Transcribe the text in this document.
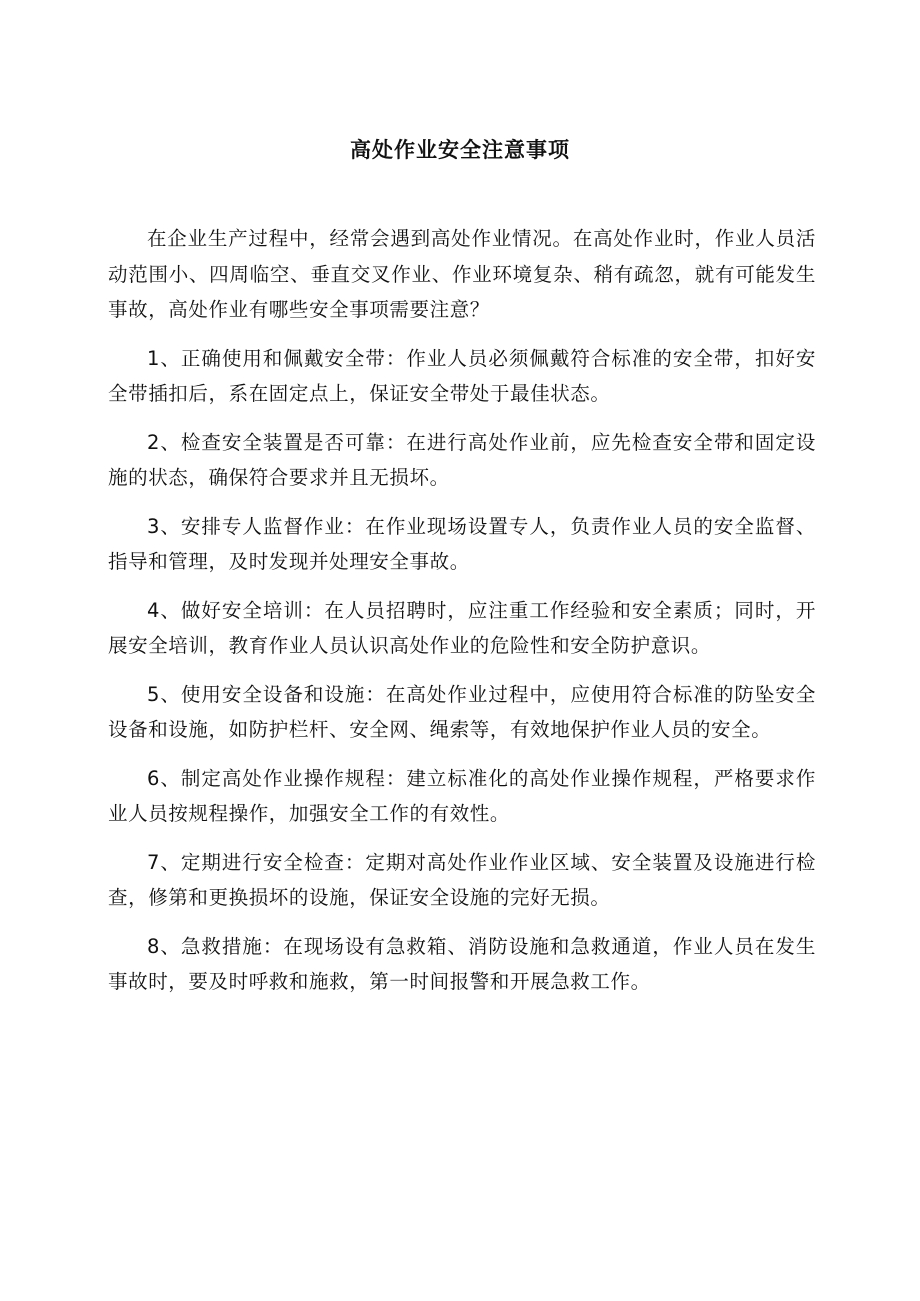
高处作业安全注意事项

在企业生产过程中，经常会遇到高处作业情况。在高处作业时，作业人员活动范围小、四周临空、垂直交叉作业、作业环境复杂、稍有疏忽，就有可能发生事故，高处作业有哪些安全事项需要注意？

1、正确使用和佩戴安全带：作业人员必须佩戴符合标准的安全带，扣好安全带插扣后，系在固定点上，保证安全带处于最佳状态。

2、检查安全装置是否可靠：在进行高处作业前，应先检查安全带和固定设施的状态，确保符合要求并且无损坏。

3、安排专人监督作业：在作业现场设置专人，负责作业人员的安全监督、指导和管理，及时发现并处理安全事故。

4、做好安全培训：在人员招聘时，应注重工作经验和安全素质；同时，开展安全培训，教育作业人员认识高处作业的危险性和安全防护意识。

5、使用安全设备和设施：在高处作业过程中，应使用符合标准的防坠安全设备和设施，如防护栏杆、安全网、绳索等，有效地保护作业人员的安全。

6、制定高处作业操作规程：建立标准化的高处作业操作规程，严格要求作业人员按规程操作，加强安全工作的有效性。

7、定期进行安全检查：定期对高处作业作业区域、安全装置及设施进行检查，修第和更换损坏的设施，保证安全设施的完好无损。

8、急救措施：在现场设有急救箱、消防设施和急救通道，作业人员在发生事故时，要及时呼救和施救，第一时间报警和开展急救工作。
